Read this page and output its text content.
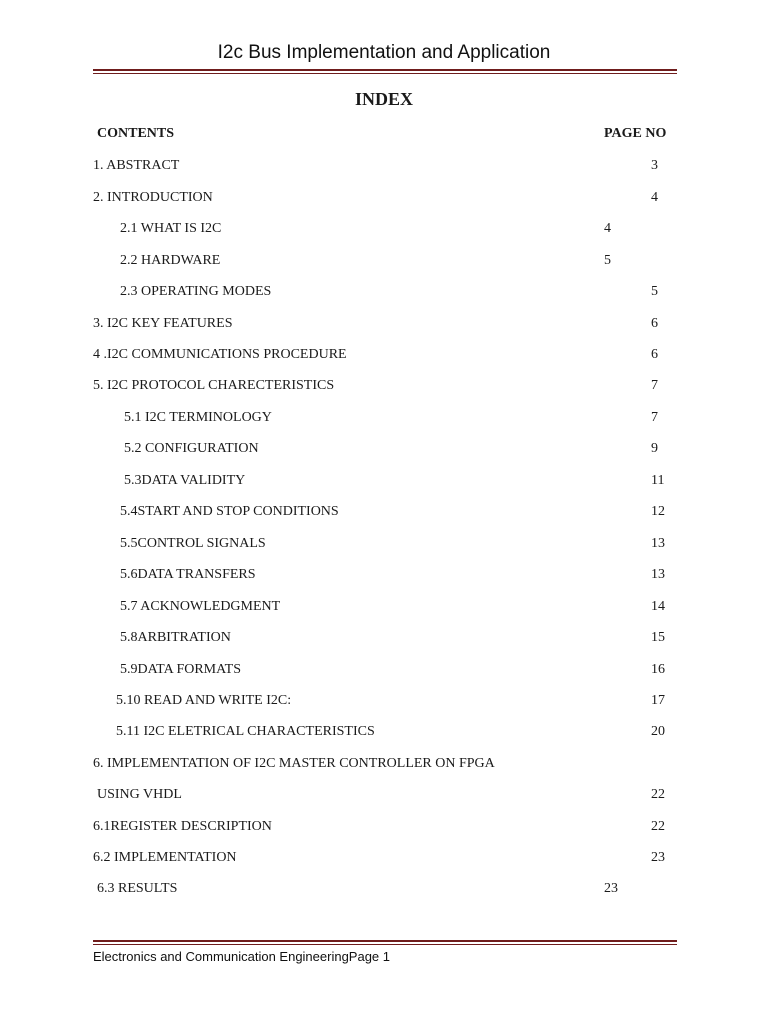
I2c Bus Implementation and Application
INDEX
CONTENTS	PAGE NO
1. ABSTRACT	3
2. INTRODUCTION	4
2.1 WHAT IS I2C	4
2.2 HARDWARE	5
2.3 OPERATING MODES	5
3. I2C KEY FEATURES	6
4 .I2C COMMUNICATIONS PROCEDURE	6
5. I2C PROTOCOL CHARECTERISTICS	7
5.1 I2C TERMINOLOGY	7
5.2 CONFIGURATION	9
5.3DATA VALIDITY	11
5.4START AND STOP CONDITIONS	12
5.5CONTROL SIGNALS	13
5.6DATA TRANSFERS	13
5.7 ACKNOWLEDGMENT	14
5.8ARBITRATION	15
5.9DATA FORMATS	16
5.10 READ AND WRITE I2C:	17
5.11 I2C ELETRICAL CHARACTERISTICS	20
6. IMPLEMENTATION OF I2C MASTER CONTROLLER ON FPGA
USING VHDL	22
6.1REGISTER DESCRIPTION	22
6.2 IMPLEMENTATION	23
6.3 RESULTS	23
Electronics and Communication EngineeringPage 1
